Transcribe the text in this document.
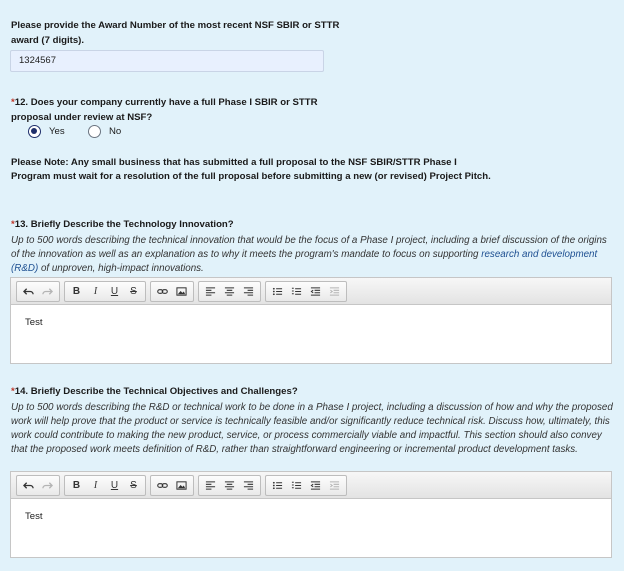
Please provide the Award Number of the most recent NSF SBIR or STTR award (7 digits).
1324567
*12. Does your company currently have a full Phase I SBIR or STTR proposal under review at NSF?
Yes	No
Please Note: Any small business that has submitted a full proposal to the NSF SBIR/STTR Phase I Program must wait for a resolution of the full proposal before submitting a new (or revised) Project Pitch.
*13. Briefly Describe the Technology Innovation?
Up to 500 words describing the technical innovation that would be the focus of a Phase I project, including a brief discussion of the origins of the innovation as well as an explanation as to why it meets the program's mandate to focus on supporting research and development (R&D) of unproven, high-impact innovations.
B	I	U	S
Test
*14. Briefly Describe the Technical Objectives and Challenges?
Up to 500 words describing the R&D or technical work to be done in a Phase I project, including a discussion of how and why the proposed work will help prove that the product or service is technically feasible and/or significantly reduce technical risk. Discuss how, ultimately, this work could contribute to making the new product, service, or process commercially viable and impactful. This section should also convey that the proposed work meets definition of R&D, rather than straightforward engineering or incremental product development tasks.
B	I	U	S
Test
